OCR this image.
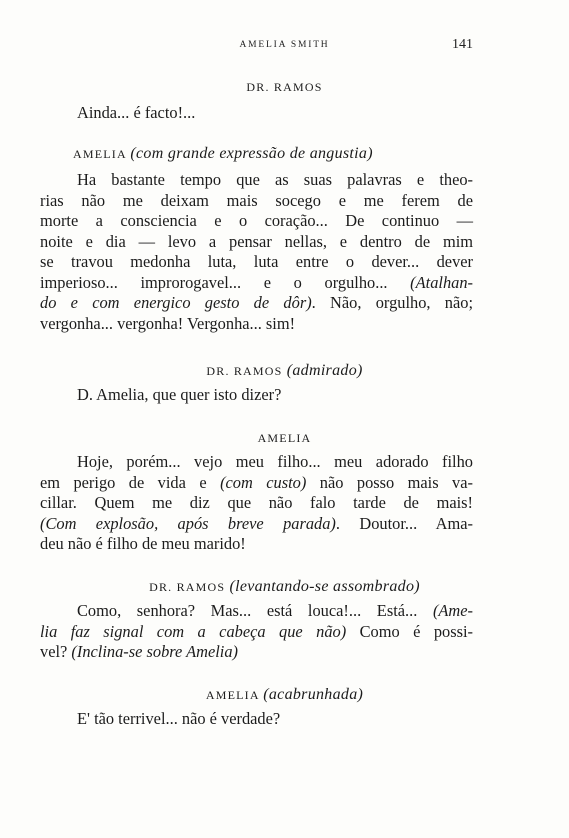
AMELIA SMITH	141
DR. RAMOS
Ainda... é facto!...
AMELIA (com grande expressão de angustia)
Ha bastante tempo que as suas palavras e theo-
rias não me deixam mais socego e me ferem de
morte a consciencia e o coração... De continuo —
noite e dia — levo a pensar nellas, e dentro de mim
se travou medonha luta, luta entre o dever... dever
imperioso... improrogavel... e o orgulho... (Atalhan-
do e com energico gesto de dôr). Não, orgulho, não;
vergonha... vergonha! Vergonha... sim!
DR. RAMOS (admirado)
D. Amelia, que quer isto dizer?
AMELIA
Hoje, porém... vejo meu filho... meu adorado filho
em perigo de vida e (com custo) não posso mais va-
cillar. Quem me diz que não falo tarde de mais!
(Com explosão, após breve parada). Doutor... Ama-
deu não é filho de meu marido!
DR. RAMOS (levantando-se assombrado)
Como, senhora? Mas... está louca!... Está... (Ame-
lia faz signal com a cabeça que não) Como é possi-
vel? (Inclina-se sobre Amelia)
AMELIA (acabrunhada)
E' tão terrivel... não é verdade?
